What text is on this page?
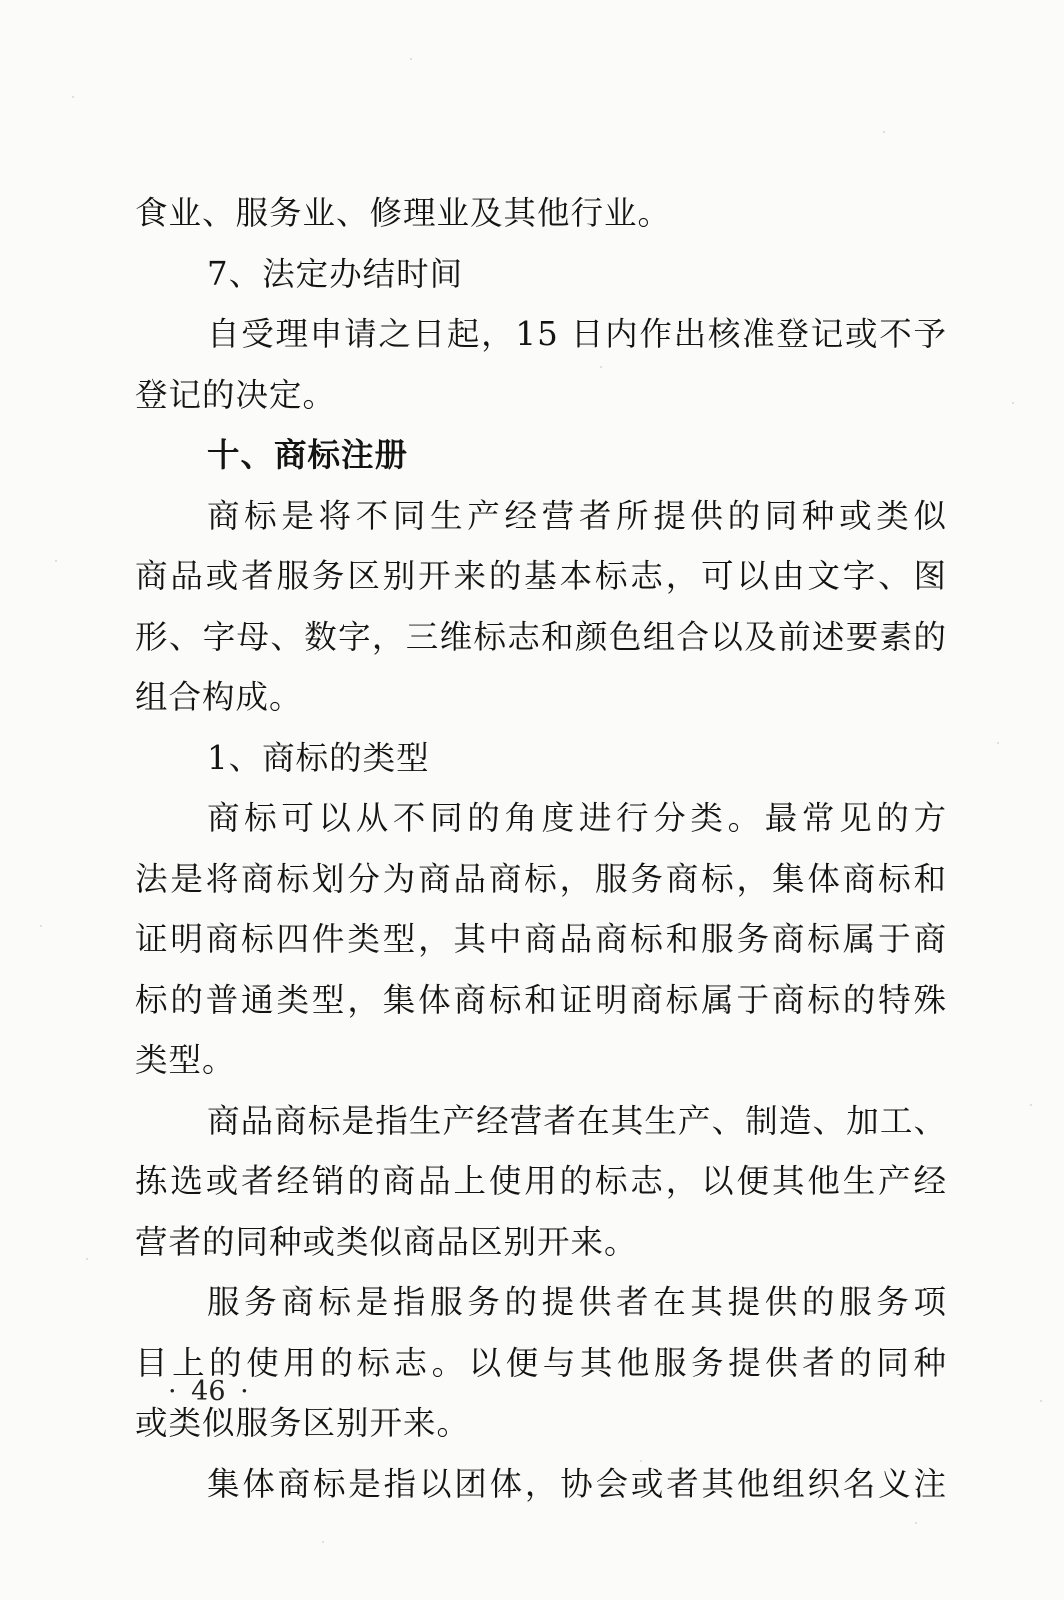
食业、服务业、修理业及其他行业。
7、法定办结时间
自受理申请之日起，15 日内作出核准登记或不予
登记的决定。
十、商标注册
商标是将不同生产经营者所提供的同种或类似
商品或者服务区别开来的基本标志，可以由文字、图
形、字母、数字，三维标志和颜色组合以及前述要素的
组合构成。
1、商标的类型
商标可以从不同的角度进行分类。最常见的方
法是将商标划分为商品商标，服务商标，集体商标和
证明商标四件类型，其中商品商标和服务商标属于商
标的普通类型，集体商标和证明商标属于商标的特殊
类型。
商品商标是指生产经营者在其生产、制造、加工、
拣选或者经销的商品上使用的标志，以便其他生产经
营者的同种或类似商品区别开来。
服务商标是指服务的提供者在其提供的服务项
目上的使用的标志。以便与其他服务提供者的同种
或类似服务区别开来。
集体商标是指以团体，协会或者其他组织名义注
· 46 ·
